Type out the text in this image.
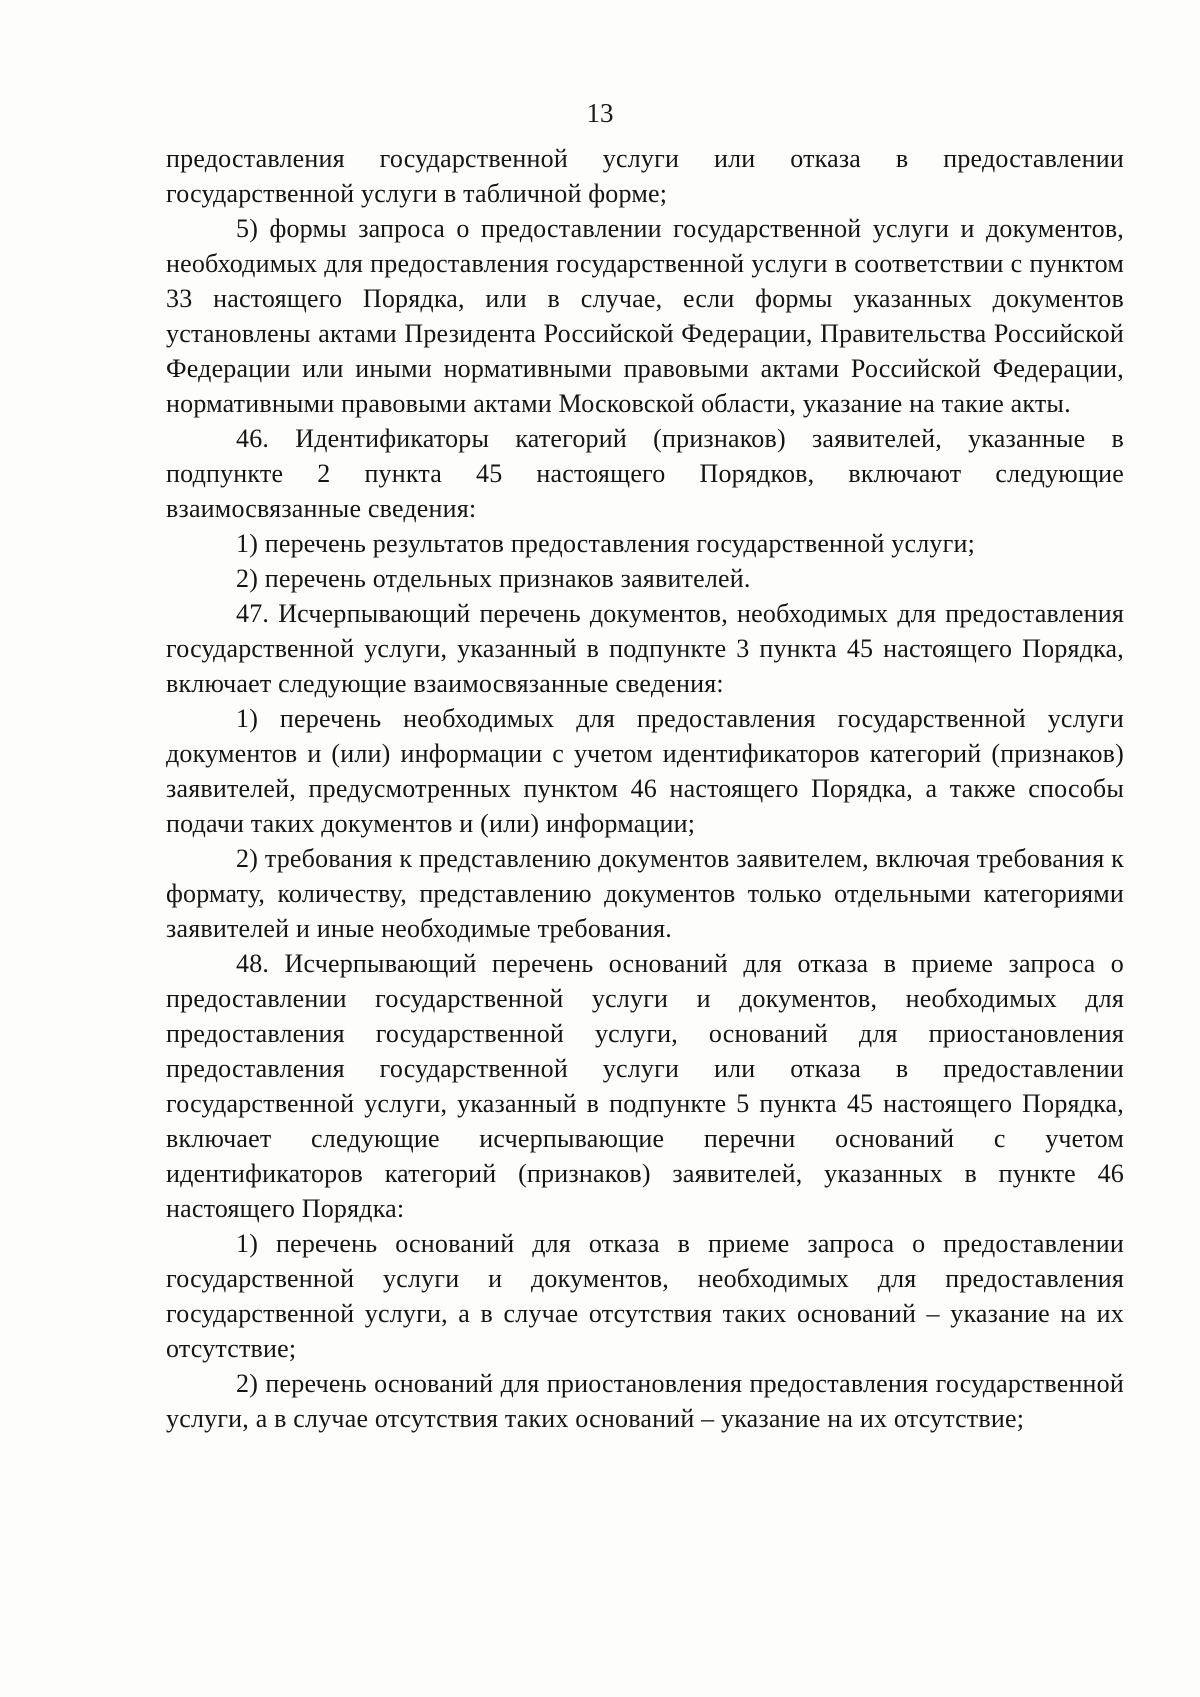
13

предоставления государственной услуги или отказа в предоставлении государственной услуги в табличной форме;

5) формы запроса о предоставлении государственной услуги и документов, необходимых для предоставления государственной услуги в соответствии с пунктом 33 настоящего Порядка, или в случае, если формы указанных документов установлены актами Президента Российской Федерации, Правительства Российской Федерации или иными нормативными правовыми актами Российской Федерации, нормативными правовыми актами Московской области, указание на такие акты.

46. Идентификаторы категорий (признаков) заявителей, указанные в подпункте 2 пункта 45 настоящего Порядков, включают следующие взаимосвязанные сведения:

1) перечень результатов предоставления государственной услуги;

2) перечень отдельных признаков заявителей.

47. Исчерпывающий перечень документов, необходимых для предоставления государственной услуги, указанный в подпункте 3 пункта 45 настоящего Порядка, включает следующие взаимосвязанные сведения:

1) перечень необходимых для предоставления государственной услуги документов и (или) информации с учетом идентификаторов категорий (признаков) заявителей, предусмотренных пунктом 46 настоящего Порядка, а также способы подачи таких документов и (или) информации;

2) требования к представлению документов заявителем, включая требования к формату, количеству, представлению документов только отдельными категориями заявителей и иные необходимые требования.

48. Исчерпывающий перечень оснований для отказа в приеме запроса о предоставлении государственной услуги и документов, необходимых для предоставления государственной услуги, оснований для приостановления предоставления государственной услуги или отказа в предоставлении государственной услуги, указанный в подпункте 5 пункта 45 настоящего Порядка, включает следующие исчерпывающие перечни оснований с учетом идентификаторов категорий (признаков) заявителей, указанных в пункте 46 настоящего Порядка:

1) перечень оснований для отказа в приеме запроса о предоставлении государственной услуги и документов, необходимых для предоставления государственной услуги, а в случае отсутствия таких оснований – указание на их отсутствие;

2) перечень оснований для приостановления предоставления государственной услуги, а в случае отсутствия таких оснований – указание на их отсутствие;
